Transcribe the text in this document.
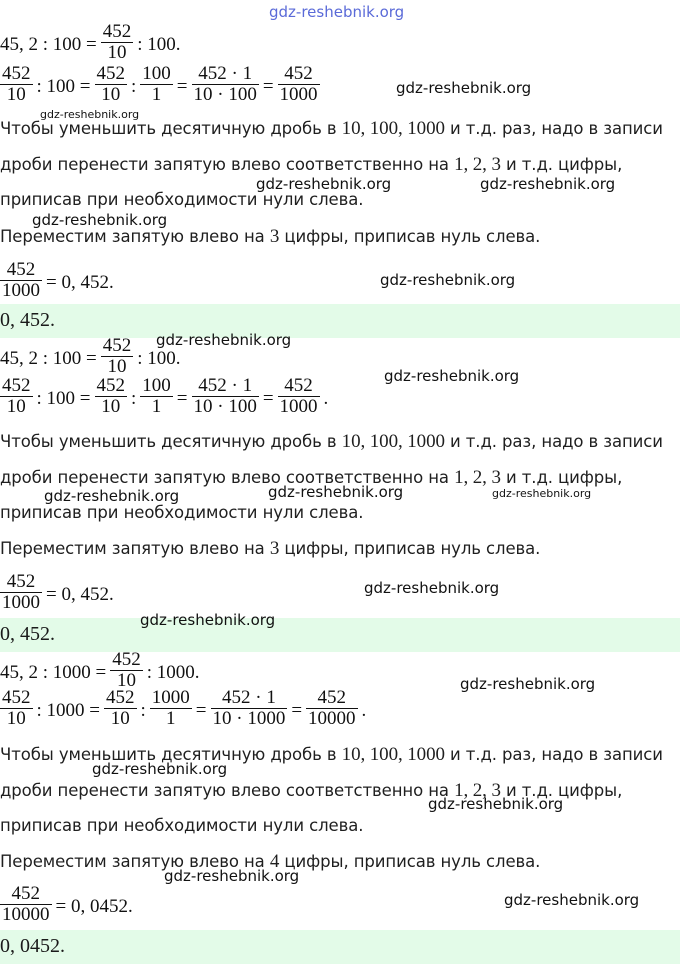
gdz-reshebnik.org
45, 2 : $100 = \frac{452}{10}$ : 100.
$\frac{452}{10}$ : $100 = \frac{452}{10}$ : $\frac{100}{1} = \frac{452 \cdot 1}{10 \cdot 100} = \frac{452}{1000}$
Чтобы уменьшить десятичную дробь в 10, 100, 1000 и т.д. раз, надо в записи
дроби перенести запятую влево соответственно на 1, 2, 3 и т.д. цифры,
приписав при необходимости нули слева.
Переместим запятую влево на 3 цифры, приписав нуль слева.
$\frac{452}{1000} = 0$, 452.
0, 452.
45, 2 : $100 = \frac{452}{10}$ : 100.
$\frac{452}{10}$ : $100 = \frac{452}{10}$ : $\frac{100}{1} = \frac{452 \cdot 1}{10 \cdot 100} = \frac{452}{1000}$ .
Чтобы уменьшить десятичную дробь в 10, 100, 1000 и т.д. раз, надо в записи
дроби перенести запятую влево соответственно на 1, 2, 3 и т.д. цифры,
приписав при необходимости нули слева.
Переместим запятую влево на 3 цифры, приписав нуль слева.
$\frac{452}{1000} = 0$, 452.
0, 452.
45, 2 : $1000 = \frac{452}{10}$ : 1000.
$\frac{452}{10}$ : $1000 = \frac{452}{10}$ : $\frac{1000}{1} = \frac{452 \cdot 1}{10 \cdot 1000} = \frac{452}{10000}$ .
Чтобы уменьшить десятичную дробь в 10, 100, 1000 и т.д. раз, надо в записи
дроби перенести запятую влево соответственно на 1, 2, 3 и т.д. цифры,
приписав при необходимости нули слева.
Переместим запятую влево на 4 цифры, приписав нуль слева.
$\frac{452}{10000} = 0$, 0452.
0, 0452.
gdz-reshebnik.org
gdz-reshebnik.org
gdz-reshebnik.org	gdz-reshebnik.org
gdz-reshebnik.org
gdz-reshebnik.org
gdz-reshebnik.org
gdz-reshebnik.org
gdz-reshebnik.org	gdz-reshebnik.org	gdz-reshebnik.org
gdz-reshebnik.org
gdz-reshebnik.org
gdz-reshebnik.org
gdz-reshebnik.org
gdz-reshebnik.org
gdz-reshebnik.org
gdz-reshebnik.org
